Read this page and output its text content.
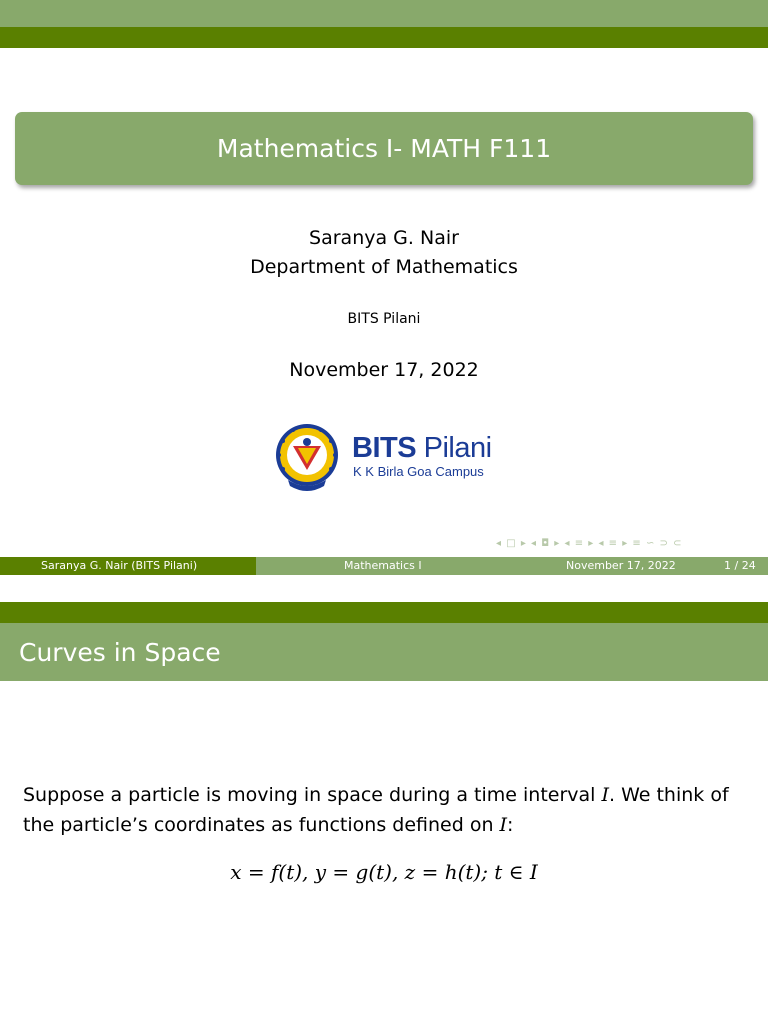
Mathematics I- MATH F111
Saranya G. Nair
Department of Mathematics
BITS Pilani
November 17, 2022
BITS Pilani
K K Birla Goa Campus
◂ □ ▸ ◂ ◘ ▸ ◂ ≡ ▸ ◂ ≡ ▸ ≡ ∽ ⊃ ⊂
Saranya G. Nair (BITS Pilani)	Mathematics I	November 17, 2022	1 / 24
Curves in Space
Suppose a particle is moving in space during a time interval I. We think of the particle’s coordinates as functions defined on I:
x = f(t), y = g(t), z = h(t); t ∈ I
